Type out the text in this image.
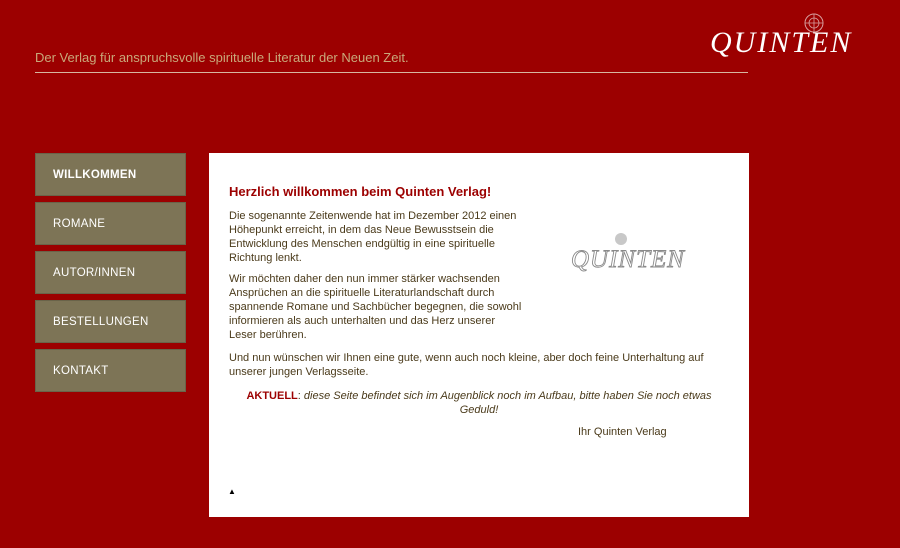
Der Verlag für anspruchsvolle spirituelle Literatur der Neuen Zeit.	QUINTEN
WILLKOMMEN
ROMANE
AUTOR/INNEN
BESTELLUNGEN
KONTAKT
Herzlich willkommen beim Quinten Verlag!

Die sogenannte Zeitenwende hat im Dezember 2012 einen Höhepunkt erreicht, in dem das Neue Bewusstsein die Entwicklung des Menschen endgültig in eine spirituelle Richtung lenkt.

Wir möchten daher den nun immer stärker wachsenden Ansprüchen an die spirituelle Literaturlandschaft durch spannende Romane und Sachbücher begegnen, die sowohl informieren als auch unterhalten und das Herz unserer Leser berühren.

QUINTEN

Und nun wünschen wir Ihnen eine gute, wenn auch noch kleine, aber doch feine Unterhaltung auf unserer jungen Verlagsseite.

AKTUELL: diese Seite befindet sich im Augenblick noch im Aufbau, bitte haben Sie noch etwas Geduld!
Ihr Quinten Verlag
▲
